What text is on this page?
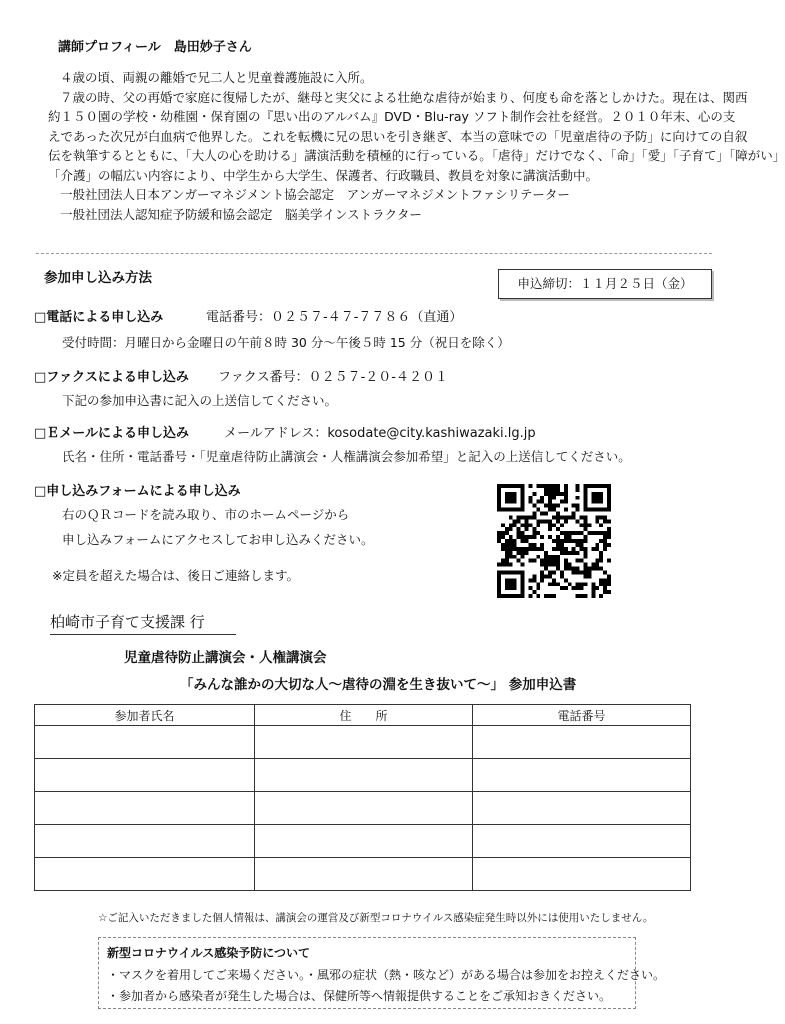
講師プロフィール　島田妙子さん
４歳の頃、両親の離婚で兄二人と児童養護施設に入所。
７歳の時、父の再婚で家庭に復帰したが、継母と実父による壮絶な虐待が始まり、何度も命を落としかけた。現在は、関西
約１５０園の学校・幼稚園・保育園の『思い出のアルバム』DVD・Blu-ray ソフト制作会社を経営。２０１０年末、心の支
えであった次兄が白血病で他界した。これを転機に兄の思いを引き継ぎ、本当の意味での「児童虐待の予防」に向けての自叙
伝を執筆するとともに、「大人の心を助ける」講演活動を積極的に行っている。「虐待」だけでなく、「命」「愛」「子育て」「障がい」
「介護」の幅広い内容により、中学生から大学生、保護者、行政職員、教員を対象に講演活動中。
一般社団法人日本アンガーマネジメント協会認定　アンガーマネジメントファシリテーター
一般社団法人認知症予防緩和協会認定　脳美学インストラクター
参加申し込み方法	申込締切：１１月２５日（金）
□電話による申し込み	電話番号：０２５７-４７-７７８６（直通）
受付時間：月曜日から金曜日の午前８時 30 分～午後５時 15 分（祝日を除く）
□ファクスによる申し込み ファクス番号：０２５７-２０-４２０１
下記の参加申込書に記入の上送信してください。
□Ｅメールによる申し込み	メールアドレス：kosodate@city.kashiwazaki.lg.jp
氏名・住所・電話番号・「児童虐待防止講演会・人権講演会参加希望」と記入の上送信してください。
□申し込みフォームによる申し込み
右のＱＲコードを読み取り、市のホームページから
申し込みフォームにアクセスしてお申し込みください。
※定員を超えた場合は、後日ご連絡します。
柏崎市子育て支援課 行
児童虐待防止講演会・人権講演会
「みんな誰かの大切な人～虐待の淵を生き抜いて～」 参加申込書
参加者氏名	住　　所	電話番号

☆ご記入いただきました個人情報は、講演会の運営及び新型コロナウイルス感染症発生時以外には使用いたしません。
新型コロナウイルス感染予防について
・マスクを着用してご来場ください。・風邪の症状（熱・咳など）がある場合は参加をお控えください。
・参加者から感染者が発生した場合は、保健所等へ情報提供することをご承知おきください。
